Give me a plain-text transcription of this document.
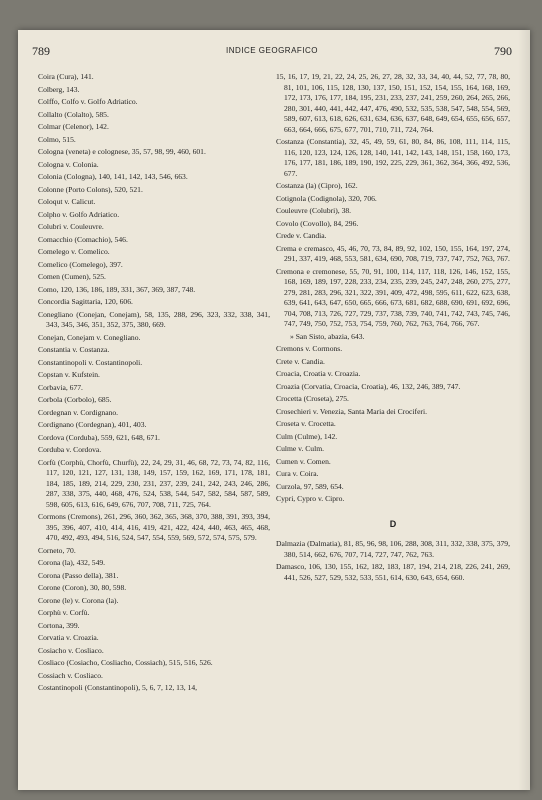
789	INDICE GEOGRAFICO	790
Coira (Cura), 141.
Colberg, 143.
Colffo, Colfo v. Golfo Adriatico.
Collalto (Colalto), 585.
Colmar (Celenor), 142.
Colmo, 515.
Cologna (veneta) e colognese, 35, 57, 98, 99, 460, 601.
Cologna v. Colonia.
Colonia (Cologna), 140, 141, 142, 143, 546, 663.
Colonne (Porto Colons), 520, 521.
Coloqut v. Calicut.
Colpho v. Golfo Adriatico.
Colubri v. Couleuvre.
Comacchio (Comachio), 546.
Comelego v. Comelico.
Comelico (Comelego), 397.
Comen (Cumen), 525.
Como, 120, 136, 186, 189, 331, 367, 369, 387, 748.
Concordia Sagittaria, 120, 606.
Conegliano (Conejan, Conejam), 58, 135, 288, 296, 323, 332, 338, 341, 343, 345, 346, 351, 352, 375, 380, 669.
Conejan, Conejam v. Conegliano.
Constantia v. Costanza.
Constantinopoli v. Costantinopoli.
Copstan v. Kufstein.
Corbavia, 677.
Corbola (Corbolo), 685.
Cordegnan v. Cordignano.
Cordignano (Cordegnan), 401, 403.
Cordova (Corduba), 559, 621, 648, 671.
Corduba v. Cordova.
Corfù (Corphù, Chorfù, Churfù), 22, 24, 29, 31, 46, 68, 72, 73, 74, 82, 116, 117, 120, 121, 127, 131, 138, 149, 157, 159, 162, 169, 171, 178, 181, 184, 185, 189, 214, 229, 230, 231, 237, 239, 241, 242, 243, 246, 286, 287, 338, 375, 440, 468, 476, 524, 538, 544, 547, 582, 584, 587, 589, 598, 605, 613, 616, 649, 676, 707, 708, 711, 725, 764.
Cormons (Cremons), 261, 296, 360, 362, 365, 368, 370, 388, 391, 393, 394, 395, 396, 407, 410, 414, 416, 419, 421, 422, 424, 440, 463, 465, 468, 470, 492, 493, 494, 516, 524, 547, 554, 559, 569, 572, 574, 575, 579.
Corneto, 70.
Corona (la), 432, 549.
Corona (Passo della), 381.
Corone (Coron), 30, 80, 598.
Corone (le) v. Corona (la).
Corphù v. Corfù.
Cortona, 399.
Corvatia v. Croazia.
Cosiacho v. Cosliaco.
Cosliaco (Cosiacho, Cosliacho, Cossiach), 515, 516, 526.
Cossiach v. Cosliaco.
Costantinopoli (Constantinopoli), 5, 6, 7, 12, 13, 14,
15, 16, 17, 19, 21, 22, 24, 25, 26, 27, 28, 32, 33, 34, 40, 44, 52, 77, 78, 80, 81, 101, 106, 115, 128, 130, 137, 150, 151, 152, 154, 155, 164, 168, 169, 172, 173, 176, 177, 184, 195, 231, 233, 237, 241, 259, 260, 264, 265, 266, 280, 301, 440, 441, 442, 447, 476, 490, 532, 535, 538, 547, 548, 554, 569, 589, 607, 613, 618, 626, 631, 634, 636, 637, 648, 649, 654, 655, 656, 657, 663, 664, 666, 675, 677, 701, 710, 711, 724, 764.
Costanza (Constantia), 32, 45, 49, 59, 61, 80, 84, 86, 108, 111, 114, 115, 116, 120, 123, 124, 126, 128, 140, 141, 142, 143, 148, 151, 158, 160, 173, 176, 177, 181, 186, 189, 190, 192, 225, 229, 361, 362, 364, 366, 492, 536, 677.
Costanza (la) (Cipro), 162.
Cotignola (Codignola), 320, 706.
Couleuvre (Colubri), 38.
Covolo (Covollo), 84, 296.
Crede v. Candia.
Crema e cremasco, 45, 46, 70, 73, 84, 89, 92, 102, 150, 155, 164, 197, 274, 291, 337, 419, 468, 553, 581, 634, 690, 708, 719, 737, 747, 752, 763, 767.
Cremona e cremonese, 55, 70, 91, 100, 114, 117, 118, 126, 146, 152, 155, 168, 169, 189, 197, 228, 233, 234, 235, 239, 245, 247, 248, 260, 275, 277, 279, 281, 283, 296, 321, 322, 391, 409, 472, 498, 595, 611, 622, 623, 638, 639, 641, 643, 647, 650, 665, 666, 673, 681, 682, 688, 690, 691, 692, 696, 704, 708, 713, 726, 727, 729, 737, 738, 739, 740, 741, 742, 743, 745, 746, 747, 749, 750, 752, 753, 754, 759, 760, 762, 763, 764, 766, 767.
» San Sisto, abazia, 643.
Cremons v. Cormons.
Crete v. Candia.
Croacia, Croatia v. Croazia.
Croazia (Corvatia, Croacia, Croatia), 46, 132, 246, 389, 747.
Crocetta (Croseta), 275.
Crosechieri v. Venezia, Santa Maria dei Crociferi.
Croseta v. Crocetta.
Culm (Culme), 142.
Culme v. Culm.
Cumen v. Comen.
Cura v. Coira.
Curzola, 97, 589, 654.
Cypri, Cypro v. Cipro.
D
Dalmazia (Dalmatia), 81, 85, 96, 98, 106, 288, 308, 311, 332, 338, 375, 379, 380, 514, 662, 676, 707, 714, 727, 747, 762, 763.
Damasco, 106, 130, 155, 162, 182, 183, 187, 194, 214, 218, 226, 241, 269, 441, 526, 527, 529, 532, 533, 551, 614, 630, 643, 654, 660.
